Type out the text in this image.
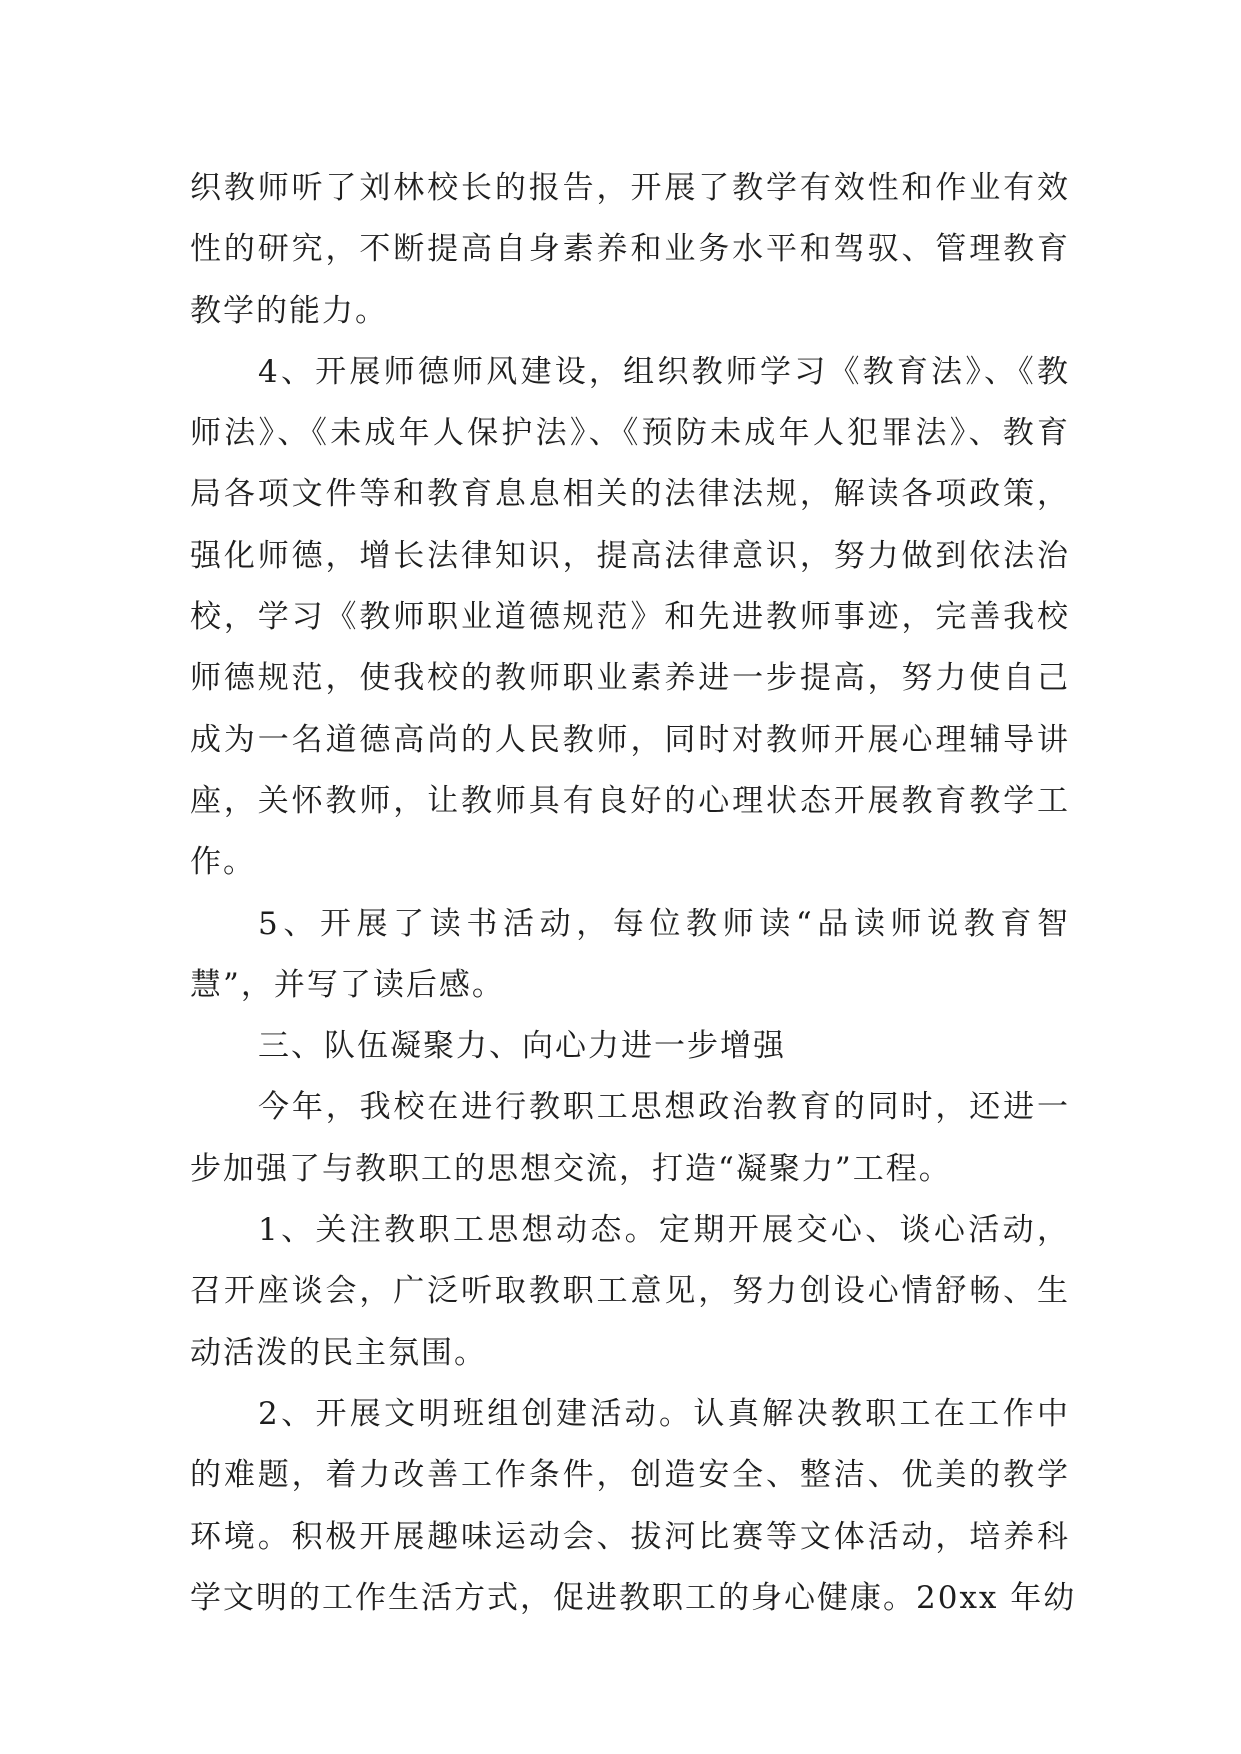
织教师听了刘林校长的报告，开展了教学有效性和作业有效
性的研究，不断提高自身素养和业务水平和驾驭、管理教育
教学的能力。
4、开展师德师风建设，组织教师学习《教育法》、《教
师法》、《未成年人保护法》、《预防未成年人犯罪法》、教育
局各项文件等和教育息息相关的法律法规，解读各项政策，
强化师德，增长法律知识，提高法律意识，努力做到依法治
校，学习《教师职业道德规范》和先进教师事迹，完善我校
师德规范，使我校的教师职业素养进一步提高，努力使自己
成为一名道德高尚的人民教师，同时对教师开展心理辅导讲
座，关怀教师，让教师具有良好的心理状态开展教育教学工
作。
5、开展了读书活动，每位教师读“品读师说教育智
慧”，并写了读后感。
三、队伍凝聚力、向心力进一步增强
今年，我校在进行教职工思想政治教育的同时，还进一
步加强了与教职工的思想交流，打造“凝聚力”工程。
1、关注教职工思想动态。定期开展交心、谈心活动，
召开座谈会，广泛听取教职工意见，努力创设心情舒畅、生
动活泼的民主氛围。
2、开展文明班组创建活动。认真解决教职工在工作中
的难题，着力改善工作条件，创造安全、整洁、优美的教学
环境。积极开展趣味运动会、拔河比赛等文体活动，培养科
学文明的工作生活方式，促进教职工的身心健康。20xx 年幼
